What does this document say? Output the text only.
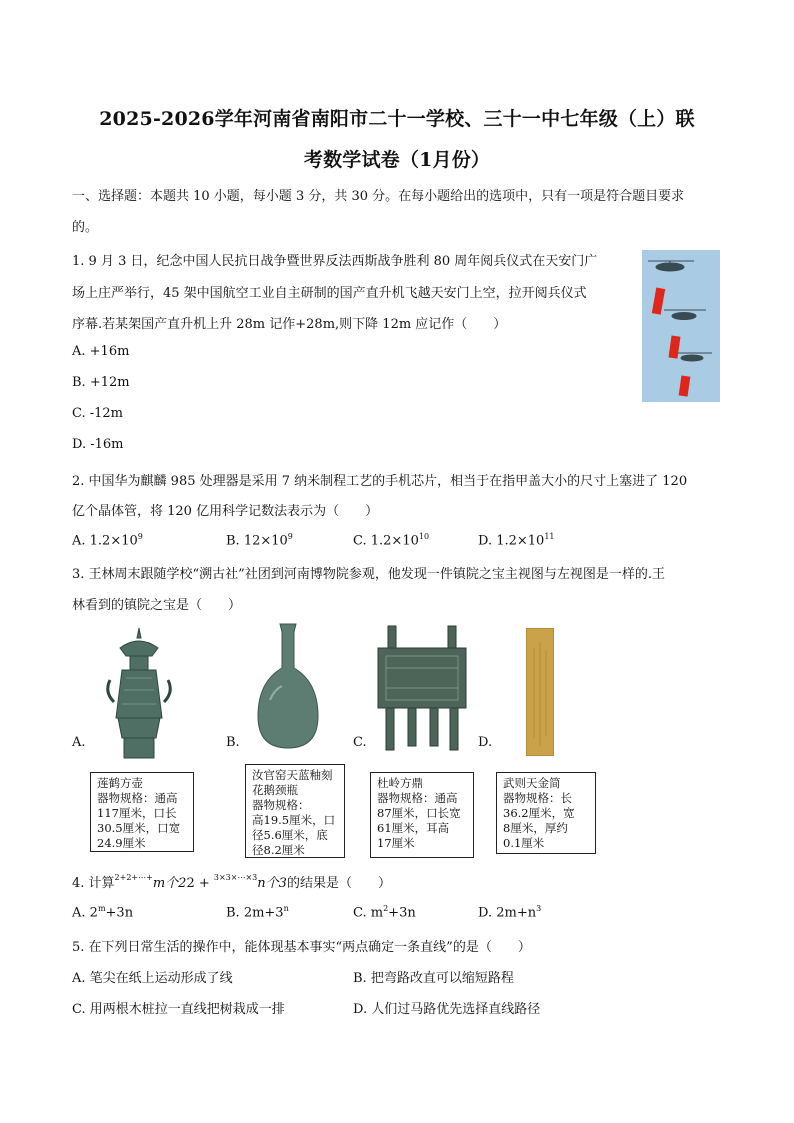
2025-2026学年河南省南阳市二十一学校、三十一中七年级（上）联
考数学试卷（1月份）
一、选择题：本题共 10 小题，每小题 3 分，共 30 分。在每小题给出的选项中，只有一项是符合题目要求
的。
1. 9 月 3 日，纪念中国人民抗日战争暨世界反法西斯战争胜利 80 周年阅兵仪式在天安门广
场上庄严举行，45 架中国航空工业自主研制的国产直升机飞越天安门上空，拉开阅兵仪式
序幕.若某架国产直升机上升 28m 记作+28m,则下降 12m 应记作（　　）
A. +16m
B. +12m
C. -12m
D. -16m
2. 中国华为麒麟 985 处理器是采用 7 纳米制程工艺的手机芯片，相当于在指甲盖大小的尺寸上塞进了 120
亿个晶体管，将 120 亿用科学记数法表示为（　　）
A. $1.2\times 10^9$	B. $12\times 10^9$	C. $1.2\times 10^{10}$	D. $1.2\times 10^{11}$
3. 王林周末跟随学校“溯古社”社团到河南博物院参观，他发现一件镇院之宝主视图与左视图是一样的.王
林看到的镇院之宝是（　　）
A.	B.	C.	D.
莲鹤方壶
器物规格：通高
117厘米，口长
30.5厘米，口宽
24.9厘米
汝官窑天蓝釉刻
花鹅颈瓶
器物规格：
高19.5厘米，口
径5.6厘米，底
径8.2厘米
杜岭方鼎
器物规格：通高
87厘米，口长宽
61厘米，耳高
17厘米
武则天金简
器物规格：长
36.2厘米，宽
8厘米，厚约
0.1厘米
4. 计算$^{2+2+\cdots+}$m个22 + $^{3\times 3\times\cdots\times 3}$n个3的结果是（　　）
A. $2^m+3n$	B. $2m+3^n$	C. $m^2+3n$	D. $2m+n^3$
5. 在下列日常生活的操作中，能体现基本事实“两点确定一条直线”的是（　　）
A. 笔尖在纸上运动形成了线	B. 把弯路改直可以缩短路程
C. 用两根木桩拉一直线把树栽成一排	D. 人们过马路优先选择直线路径
